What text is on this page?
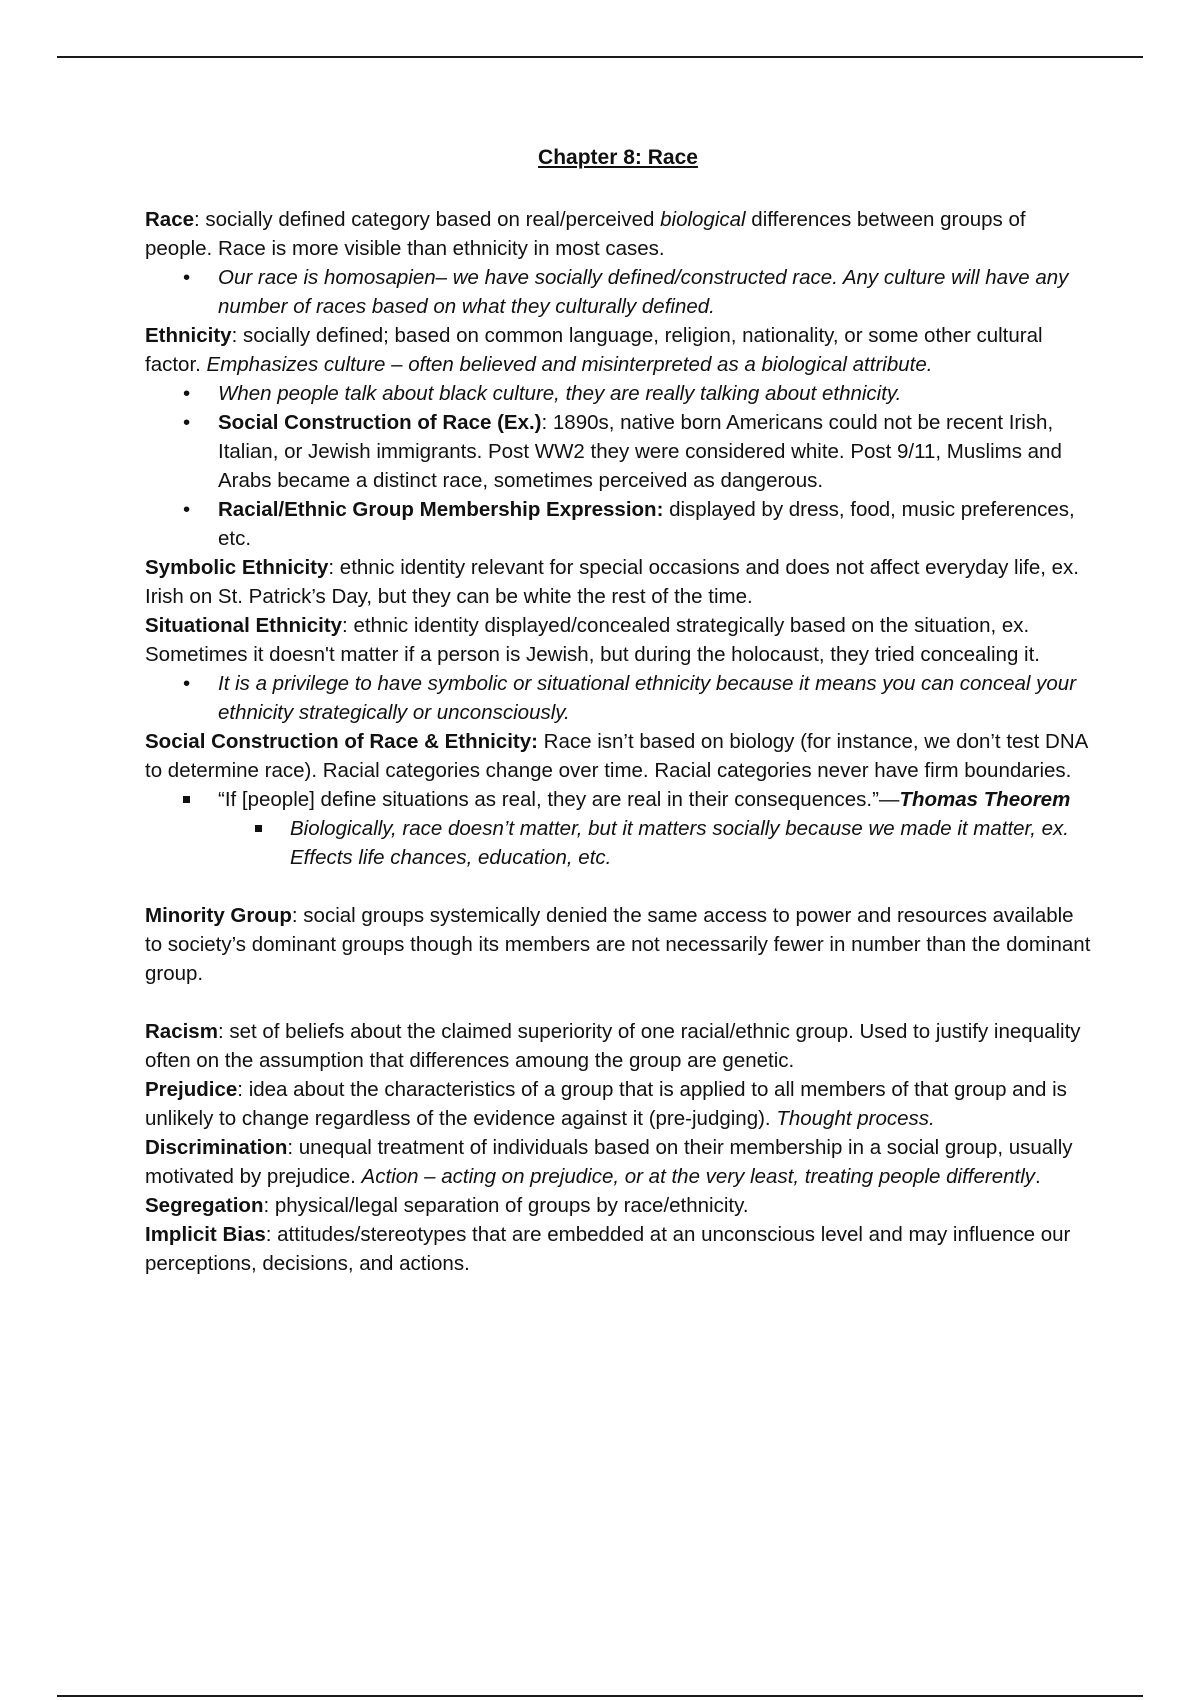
Chapter 8: Race

Race: socially defined category based on real/perceived biological differences between groups of people. Race is more visible than ethnicity in most cases.

• Our race is homosapien– we have socially defined/constructed race. Any culture will have any number of races based on what they culturally defined.

Ethnicity: socially defined; based on common language, religion, nationality, or some other cultural factor. Emphasizes culture – often believed and misinterpreted as a biological attribute.

• When people talk about black culture, they are really talking about ethnicity.
• Social Construction of Race (Ex.): 1890s, native born Americans could not be recent Irish, Italian, or Jewish immigrants. Post WW2 they were considered white. Post 9/11, Muslims and Arabs became a distinct race, sometimes perceived as dangerous.
• Racial/Ethnic Group Membership Expression: displayed by dress, food, music preferences, etc.

Symbolic Ethnicity: ethnic identity relevant for special occasions and does not affect everyday life, ex. Irish on St. Patrick’s Day, but they can be white the rest of the time.

Situational Ethnicity: ethnic identity displayed/concealed strategically based on the situation, ex. Sometimes it doesn't matter if a person is Jewish, but during the holocaust, they tried concealing it.

• It is a privilege to have symbolic or situational ethnicity because it means you can conceal your ethnicity strategically or unconsciously.

Social Construction of Race & Ethnicity: Race isn’t based on biology (for instance, we don’t test DNA to determine race). Racial categories change over time. Racial categories never have firm boundaries.

“If [people] define situations as real, they are real in their consequences.”—Thomas Theorem
Biologically, race doesn’t matter, but it matters socially because we made it matter, ex. Effects life chances, education, etc.

Minority Group: social groups systemically denied the same access to power and resources available to society’s dominant groups though its members are not necessarily fewer in number than the dominant group.

Racism: set of beliefs about the claimed superiority of one racial/ethnic group. Used to justify inequality often on the assumption that differences amoung the group are genetic.

Prejudice: idea about the characteristics of a group that is applied to all members of that group and is unlikely to change regardless of the evidence against it (pre-judging). Thought process.

Discrimination: unequal treatment of individuals based on their membership in a social group, usually motivated by prejudice. Action – acting on prejudice, or at the very least, treating people differently.

Segregation: physical/legal separation of groups by race/ethnicity.

Implicit Bias: attitudes/stereotypes that are embedded at an unconscious level and may influence our perceptions, decisions, and actions.
